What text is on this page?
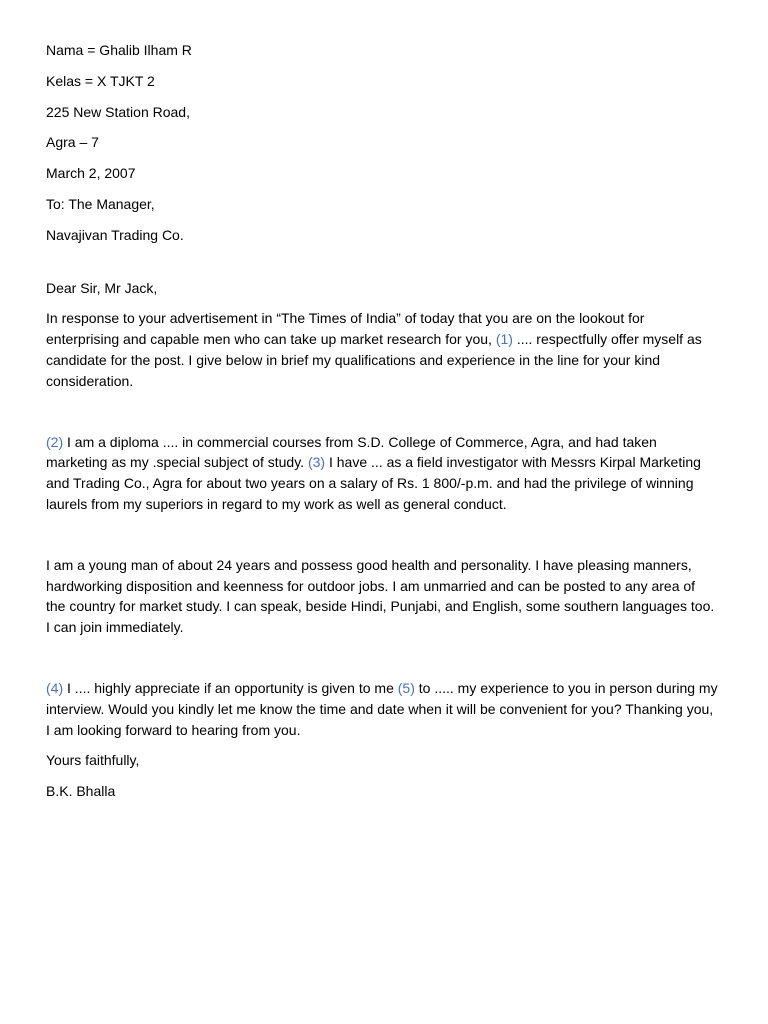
Nama = Ghalib Ilham R

Kelas = X TJKT 2

225 New Station Road,

Agra – 7

March 2, 2007

To: The Manager,

Navajivan Trading Co.

Dear Sir, Mr Jack,

In response to your advertisement in “The Times of India” of today that you are on the lookout for enterprising and capable men who can take up market research for you, (1) .... respectfully offer myself as candidate for the post. I give below in brief my qualifications and experience in the line for your kind consideration.

(2) I am a diploma .... in commercial courses from S.D. College of Commerce, Agra, and had taken marketing as my .special subject of study. (3) I have ... as a field investigator with Messrs Kirpal Marketing and Trading Co., Agra for about two years on a salary of Rs. 1 800/-p.m. and had the privilege of winning laurels from my superiors in regard to my work as well as general conduct.

I am a young man of about 24 years and possess good health and personality. I have pleasing manners, hardworking disposition and keenness for outdoor jobs. I am unmarried and can be posted to any area of the country for market study. I can speak, beside Hindi, Punjabi, and English, some southern languages too. I can join immediately.

(4) I .... highly appreciate if an opportunity is given to me (5) to ..... my experience to you in person during my interview. Would you kindly let me know the time and date when it will be convenient for you? Thanking you, I am looking forward to hearing from you.

Yours faithfully,

B.K. Bhalla
